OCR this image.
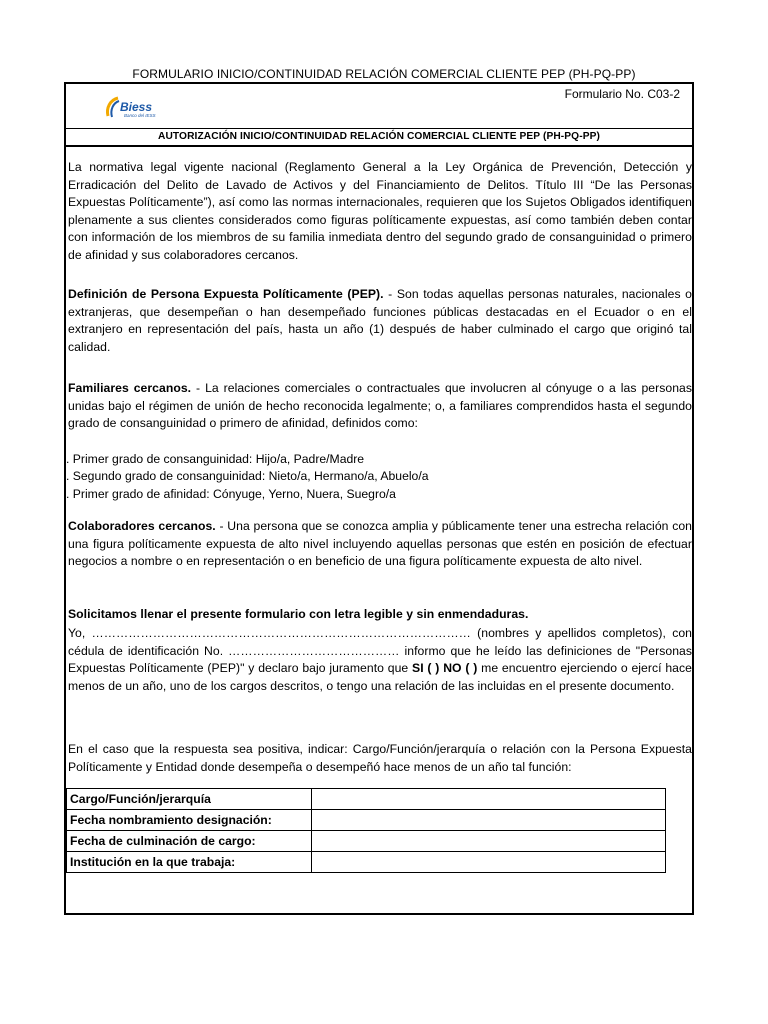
FORMULARIO INICIO/CONTINUIDAD RELACIÓN COMERCIAL CLIENTE PEP (PH-PQ-PP)
Biess
Banco del IESS
Formulario No. C03-2
AUTORIZACIÓN INICIO/CONTINUIDAD RELACIÓN COMERCIAL CLIENTE PEP (PH-PQ-PP)
La normativa legal vigente nacional (Reglamento General a la Ley Orgánica de Prevención, Detección y Erradicación del Delito de Lavado de Activos y del Financiamiento de Delitos. Título III “De las Personas Expuestas Políticamente”), así como las normas internacionales, requieren que los Sujetos Obligados identifiquen plenamente a sus clientes considerados como figuras políticamente expuestas, así como también deben contar con información de los miembros de su familia inmediata dentro del segundo grado de consanguinidad o primero de afinidad y sus colaboradores cercanos.
Definición de Persona Expuesta Políticamente (PEP). - Son todas aquellas personas naturales, nacionales o extranjeras, que desempeñan o han desempeñado funciones públicas destacadas en el Ecuador o en el extranjero en representación del país, hasta un año (1) después de haber culminado el cargo que originó tal calidad.
Familiares cercanos. - La relaciones comerciales o contractuales que involucren al cónyuge o a las personas unidas bajo el régimen de unión de hecho reconocida legalmente; o, a familiares comprendidos hasta el segundo grado de consanguinidad o primero de afinidad, definidos como:
. Primer grado de consanguinidad: Hijo/a, Padre/Madre
. Segundo grado de consanguinidad: Nieto/a, Hermano/a, Abuelo/a
. Primer grado de afinidad: Cónyuge, Yerno, Nuera, Suegro/a
Colaboradores cercanos. - Una persona que se conozca amplia y públicamente tener una estrecha relación con una figura políticamente expuesta de alto nivel incluyendo aquellas personas que estén en posición de efectuar negocios a nombre o en representación o en beneficio de una figura políticamente expuesta de alto nivel.
Solicitamos llenar el presente formulario con letra legible y sin enmendaduras.
Yo, ………………………………………………………………………………… (nombres y apellidos completos), con cédula de identificación No. …………………………………… informo que he leído las definiciones de "Personas Expuestas Políticamente (PEP)" y declaro bajo juramento que SI ( ) NO ( ) me encuentro ejerciendo o ejercí hace menos de un año, uno de los cargos descritos, o tengo una relación de las incluidas en el presente documento.
En el caso que la respuesta sea positiva, indicar: Cargo/Función/jerarquía o relación con la Persona Expuesta Políticamente y Entidad donde desempeña o desempeñó hace menos de un año tal función:
Cargo/Función/jerarquía	
Fecha nombramiento designación:	
Fecha de culminación de cargo:	
Institución en la que trabaja:	
